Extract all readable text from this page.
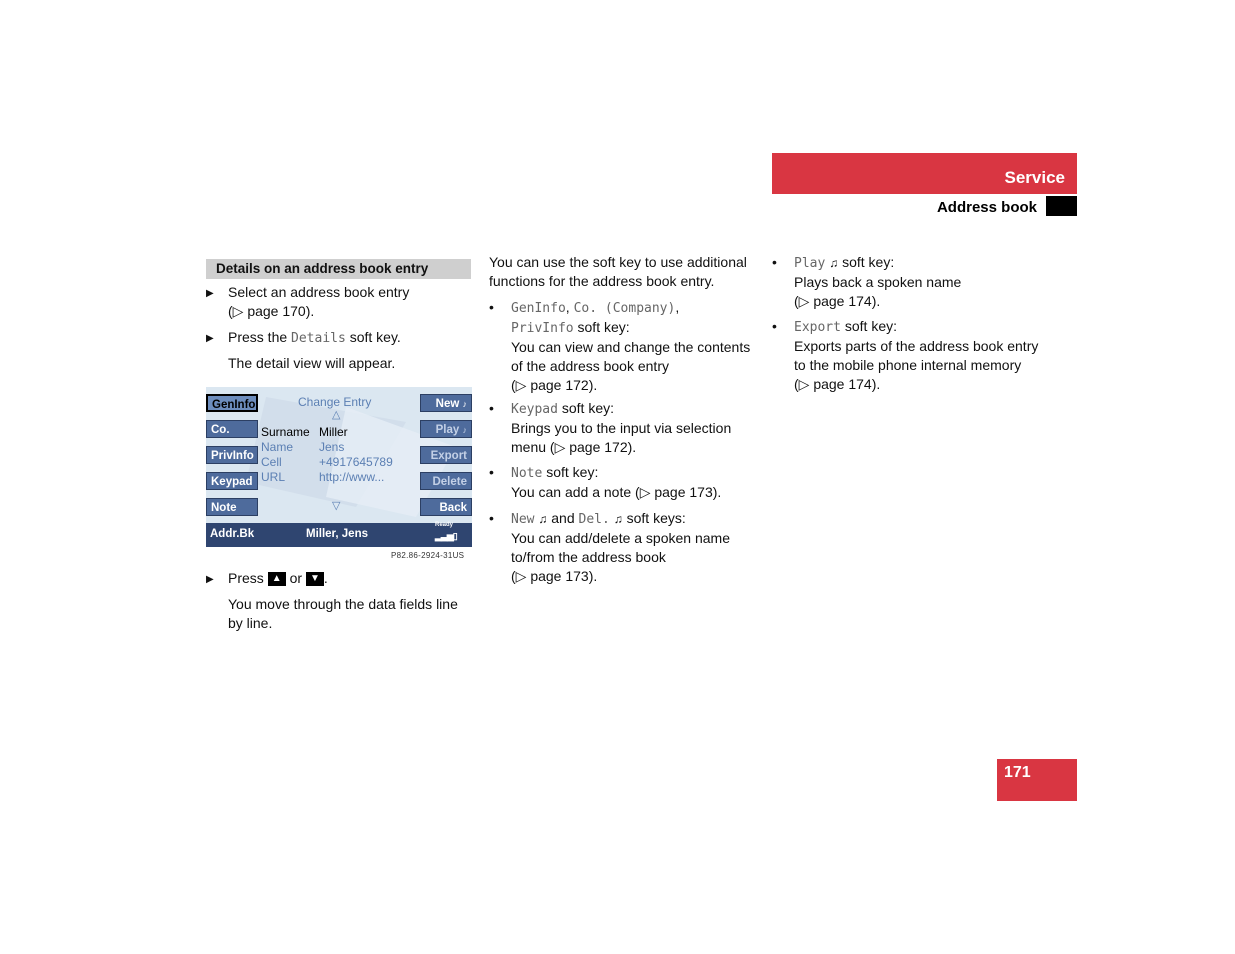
Service
Address book
Details on an address book entry
▶ Select an address book entry
(▷ page 170).
▶ Press the Details soft key.
The detail view will appear.
GenInfo
Co.
PrivInfo
Keypad
Note
New ♪
Play ♪
Export
Delete
Back
Change Entry
△
Surname Miller
Name Jens
Cell	+4917645789
URL	http://www...
▽
Addr.Bk	Miller, Jens
Ready
▂▃▅▯
P82.86-2924-31US
▶ Press ▲ or ▼ .
You move through the data fields line
by line.
You can use the soft key to use additional
functions for the address book entry.
• GenInfo, Co. (Company),
PrivInfo soft key:
You can view and change the contents
of the address book entry
(▷ page 172).
• Keypad soft key:
Brings you to the input via selection
menu (▷ page 172).
• Note soft key:
You can add a note (▷ page 173).
• New ♫ and Del. ♫ soft keys:
You can add/delete a spoken name
to/from the address book
(▷ page 173).
• Play ♫ soft key:
Plays back a spoken name
(▷ page 174).
• Export soft key:
Exports parts of the address book entry
to the mobile phone internal memory
(▷ page 174).
171
